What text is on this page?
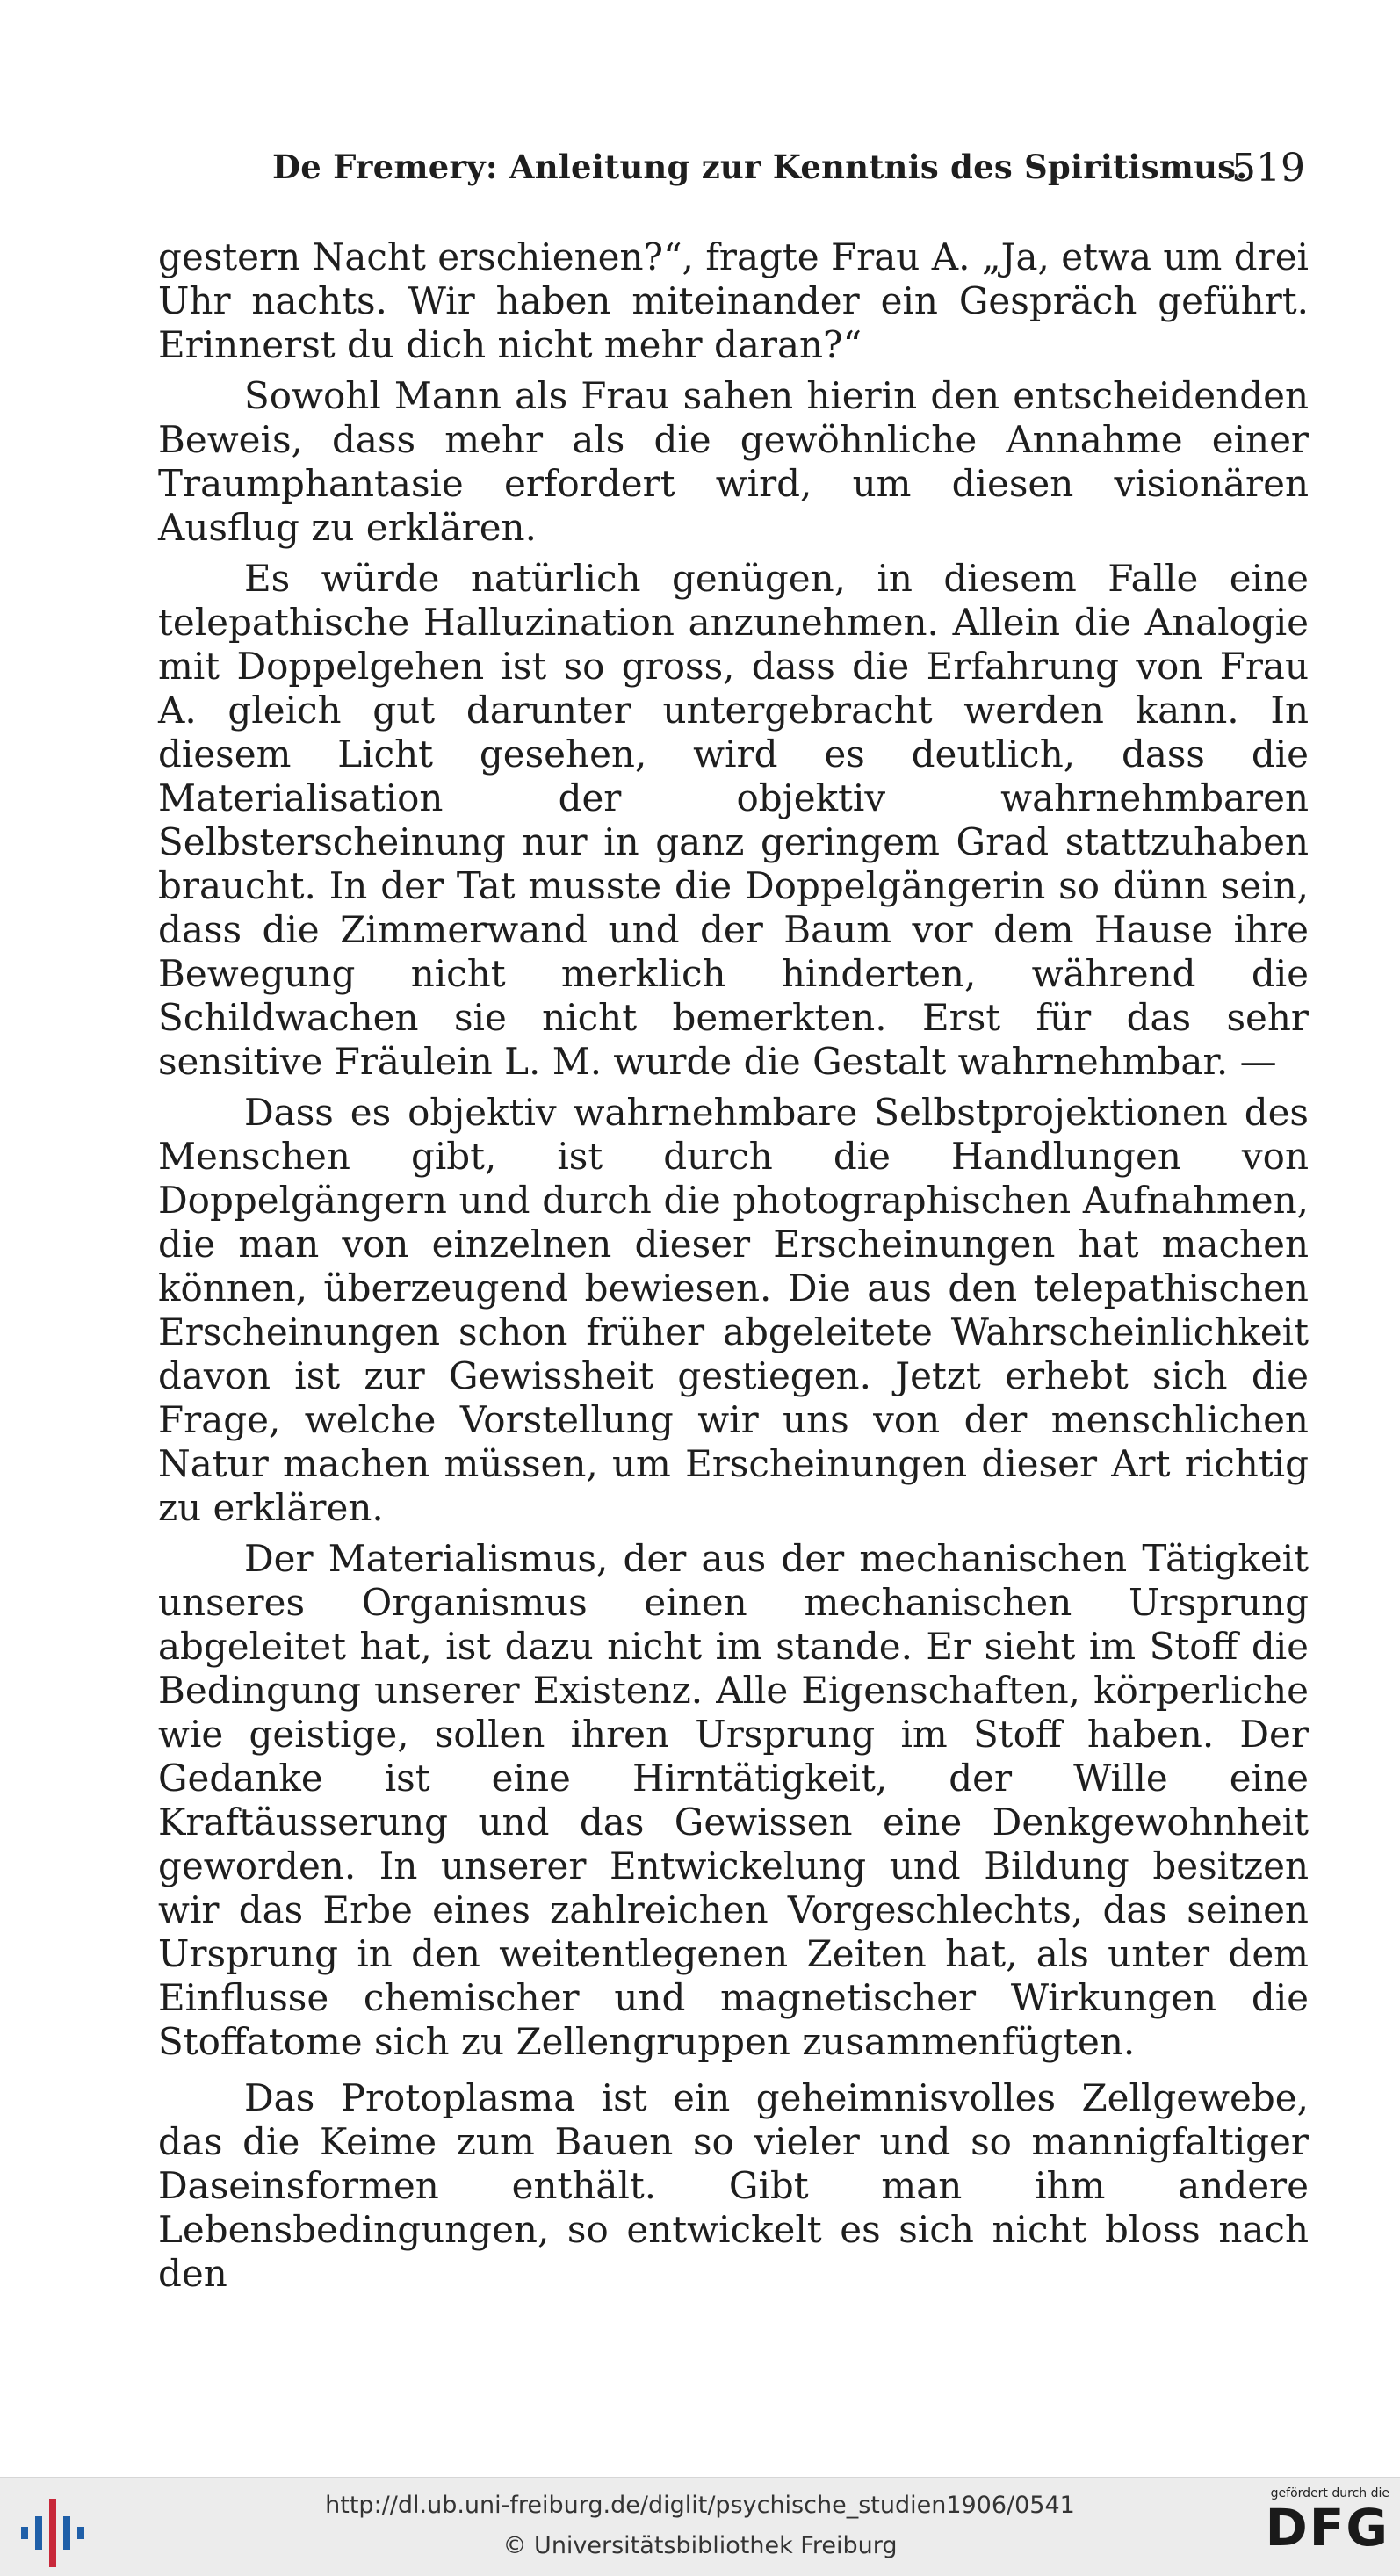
De Fremery: Anleitung zur Kenntnis des Spiritismus.
519

gestern Nacht erschienen?“, fragte Frau A. „Ja, etwa um drei Uhr nachts. Wir haben miteinander ein Gespräch geführt. Erinnerst du dich nicht mehr daran?“

Sowohl Mann als Frau sahen hierin den entscheidenden Beweis, dass mehr als die gewöhnliche Annahme einer Traumphantasie erfordert wird, um diesen visionären Ausflug zu erklären.

Es würde natürlich genügen, in diesem Falle eine telepathische Halluzination anzunehmen. Allein die Analogie mit Doppelgehen ist so gross, dass die Erfahrung von Frau A. gleich gut darunter untergebracht werden kann. In diesem Licht gesehen, wird es deutlich, dass die Materialisation der objektiv wahrnehmbaren Selbsterscheinung nur in ganz geringem Grad stattzuhaben braucht. In der Tat musste die Doppelgängerin so dünn sein, dass die Zimmerwand und der Baum vor dem Hause ihre Bewegung nicht merklich hinderten, während die Schildwachen sie nicht bemerkten. Erst für das sehr sensitive Fräulein L. M. wurde die Gestalt wahrnehmbar. —

Dass es objektiv wahrnehmbare Selbstprojektionen des Menschen gibt, ist durch die Handlungen von Doppelgängern und durch die photographischen Aufnahmen, die man von einzelnen dieser Erscheinungen hat machen können, überzeugend bewiesen. Die aus den telepathischen Erscheinungen schon früher abgeleitete Wahrscheinlichkeit davon ist zur Gewissheit gestiegen. Jetzt erhebt sich die Frage, welche Vorstellung wir uns von der menschlichen Natur machen müssen, um Erscheinungen dieser Art richtig zu erklären.

Der Materialismus, der aus der mechanischen Tätigkeit unseres Organismus einen mechanischen Ursprung abgeleitet hat, ist dazu nicht im stande. Er sieht im Stoff die Bedingung unserer Existenz. Alle Eigenschaften, körperliche wie geistige, sollen ihren Ursprung im Stoff haben. Der Gedanke ist eine Hirntätigkeit, der Wille eine Kraftäusserung und das Gewissen eine Denkgewohnheit geworden. In unserer Entwickelung und Bildung besitzen wir das Erbe eines zahlreichen Vorgeschlechts, das seinen Ursprung in den weitentlegenen Zeiten hat, als unter dem Einflusse chemischer und magnetischer Wirkungen die Stoffatome sich zu Zellengruppen zusammenfügten.

Das Protoplasma ist ein geheimnisvolles Zellgewebe, das die Keime zum Bauen so vieler und so mannigfaltiger Daseinsformen enthält. Gibt man ihm andere Lebensbedingungen, so entwickelt es sich nicht bloss nach den

http://dl.ub.uni-freiburg.de/diglit/psychische_studien1906/0541
© Universitätsbibliothek Freiburg
gefördert durch die
DFG
